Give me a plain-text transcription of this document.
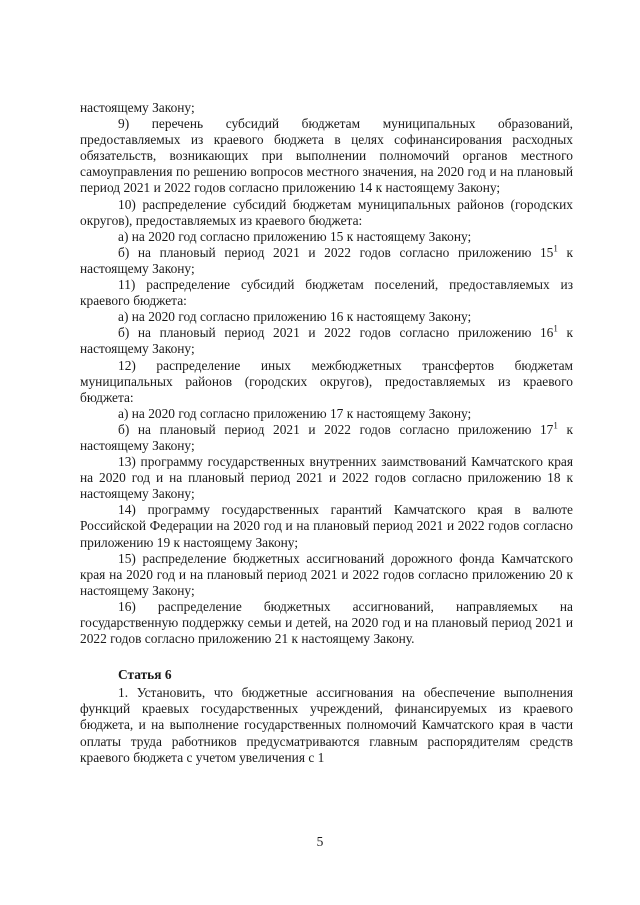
настоящему Закону;

9) перечень субсидий бюджетам муниципальных образований, предоставляемых из краевого бюджета в целях софинансирования расходных обязательств, возникающих при выполнении полномочий органов местного самоуправления по решению вопросов местного значения, на 2020 год и на плановый период 2021 и 2022 годов согласно приложению 14 к настоящему Закону;

10) распределение субсидий бюджетам муниципальных районов (городских округов), предоставляемых из краевого бюджета:

а) на 2020 год согласно приложению 15 к настоящему Закону;

б) на плановый период 2021 и 2022 годов согласно приложению $15^1$ к настоящему Закону;

11) распределение субсидий бюджетам поселений, предоставляемых из краевого бюджета:

а) на 2020 год согласно приложению 16 к настоящему Закону;

б) на плановый период 2021 и 2022 годов согласно приложению $16^1$ к настоящему Закону;

12) распределение иных межбюджетных трансфертов бюджетам муниципальных районов (городских округов), предоставляемых из краевого бюджета:

а) на 2020 год согласно приложению 17 к настоящему Закону;

б) на плановый период 2021 и 2022 годов согласно приложению $17^1$ к настоящему Закону;

13) программу государственных внутренних заимствований Камчатского края на 2020 год и на плановый период 2021 и 2022 годов согласно приложению 18 к настоящему Закону;

14) программу государственных гарантий Камчатского края в валюте Российской Федерации на 2020 год и на плановый период 2021 и 2022 годов согласно приложению 19 к настоящему Закону;

15) распределение бюджетных ассигнований дорожного фонда Камчатского края на 2020 год и на плановый период 2021 и 2022 годов согласно приложению 20 к настоящему Закону;

16) распределение бюджетных ассигнований, направляемых на государственную поддержку семьи и детей, на 2020 год и на плановый период 2021 и 2022 годов согласно приложению 21 к настоящему Закону.

Статья 6

1. Установить, что бюджетные ассигнования на обеспечение выполнения функций краевых государственных учреждений, финансируемых из краевого бюджета, и на выполнение государственных полномочий Камчатского края в части оплаты труда работников предусматриваются главным распорядителям средств краевого бюджета с учетом увеличения с 1

5
